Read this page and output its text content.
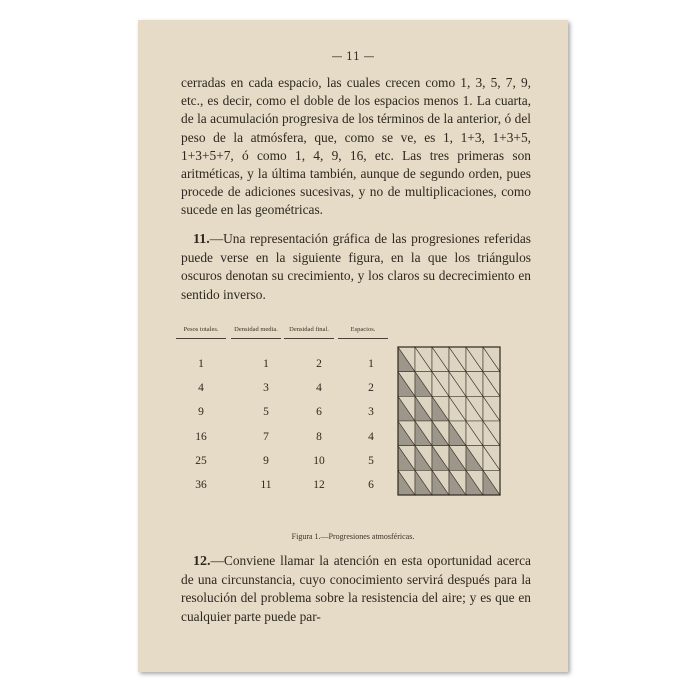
— 11 —

cerradas en cada espacio, las cuales crecen como 1, 3, 5, 7, 9, etc., es decir, como el doble de los espacios menos 1. La cuarta, de la acumulación progresiva de los términos de la anterior, ó del peso de la atmósfera, que, como se ve, es 1, 1+3, 1+3+5, 1+3+5+7, ó como 1, 4, 9, 16, etc. Las tres primeras son aritméticas, y la última también, aunque de segundo orden, pues procede de adiciones sucesivas, y no de multiplicaciones, como sucede en las geométricas.

11.—Una representación gráfica de las progresiones referidas puede verse en la siguiente figura, en la que los triángulos oscuros denotan su crecimiento, y los claros su decrecimiento en sentido inverso.

Pesos totales.	Densidad media.	Densidad final.	Espacios.
1	1	2	1
4	3	4	2
9	5	6	3
16	7	8	4
25	9	10	5
36	11	12	6
Figura 1.—Progresiones atmosféricas.

12.—Conviene llamar la atención en esta oportunidad acerca de una circunstancia, cuyo conocimiento servirá después para la resolución del problema sobre la resistencia del aire; y es que en cualquier parte puede par-
